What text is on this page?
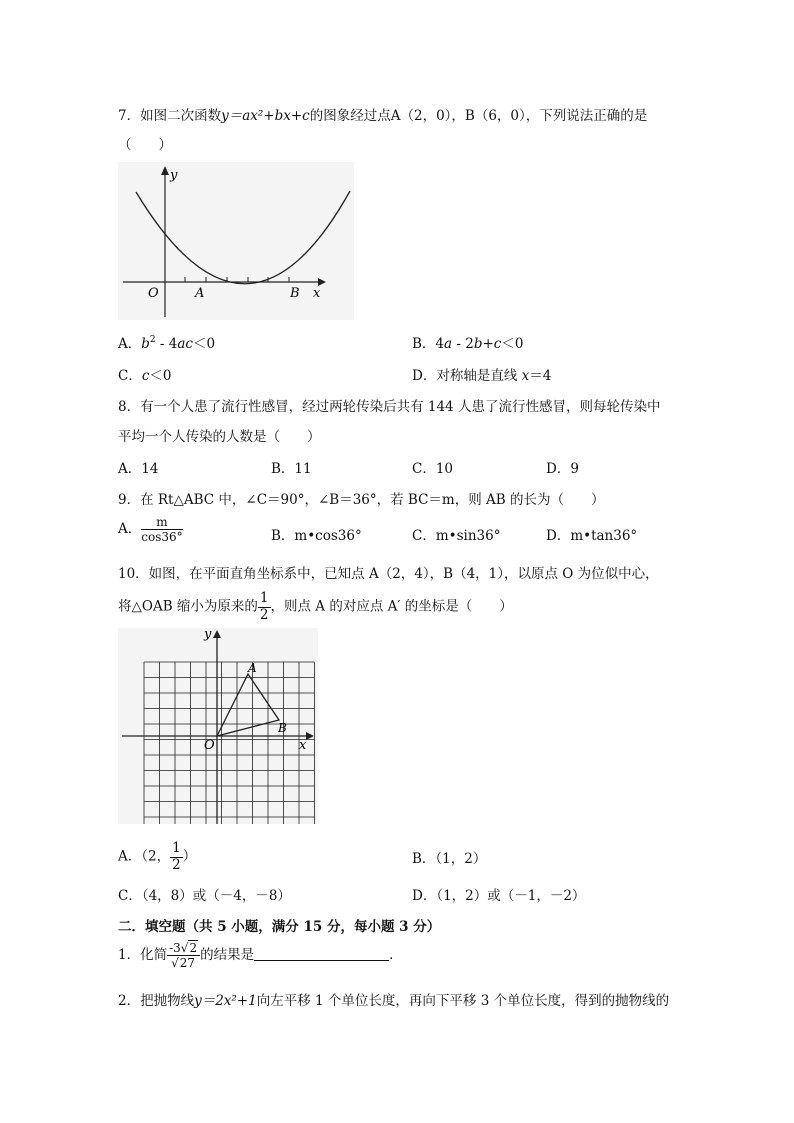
7．如图二次函数y＝ax²+bx+c的图象经过点A（2，0），B（6，0），下列说法正确的是
（　　）
y
x
O	A	B
A．$b^2 - 4ac<0$	B．4a - 2b+c＜0
C．c＜0	D．对称轴是直线 x＝4
8．有一个人患了流行性感冒，经过两轮传染后共有 144 人患了流行性感冒，则每轮传染中
平均一个人传染的人数是（　　）
A．14	B．11	C．10	D．9
9．在 Rt△ABC 中，∠C＝90°，∠B＝36°，若 BC＝m，则 AB 的长为（　　）
A． $\frac{m}{\cos 36^\circ}$	B．m•cos36°	C．m•sin36°	D．m•tan36°
10．如图，在平面直角坐标系中，已知点 A（2，4），B（4，1），以原点 O 为位似中心，
将△OAB 缩小为原来的 $\frac{1}{2}$ ，则点 A 的对应点 A′ 的坐标是（　　）
y
x
O
A
B
A．（2， $\frac{1}{2}$ ）	B．（1，2）
C．（4，8）或（－4，－8）	D．（1，2）或（－1，－2）
二．填空题（共 5 小题，满分 15 分，每小题 3 分）
1．化简 $\frac{-3√2}{√27}$ 的结果是	．
2．把抛物线y＝2x²+1向左平移 1 个单位长度，再向下平移 3 个单位长度，得到的抛物线的
